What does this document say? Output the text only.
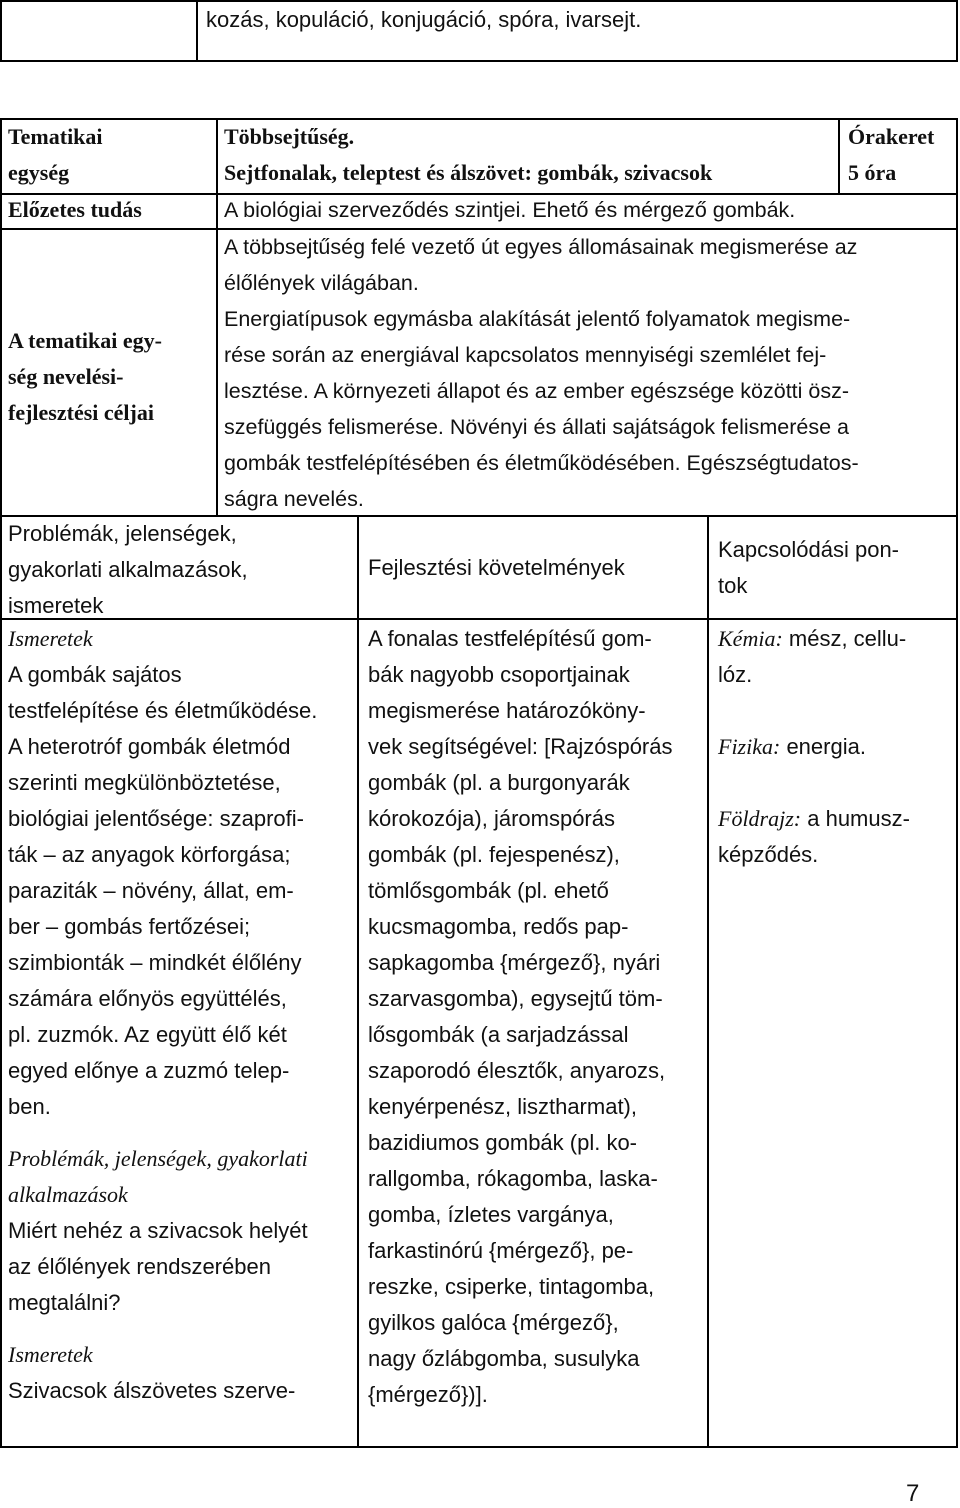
kozás, kopuláció, konjugáció, spóra, ivarsejt.
Tematikai
egység
Többsejtűség.
Sejtfonalak, teleptest és álszövet: gombák, szivacsok
Órakeret
5 óra
Előzetes tudás	A biológiai szerveződés szintjei. Ehető és mérgező gombák.
A tematikai egy-
ség nevelési-
fejlesztési céljai
A többsejtűség felé vezető út egyes állomásainak megismerése az
élőlények világában.
Energiatípusok egymásba alakítását jelentő folyamatok megisme-
rése során az energiával kapcsolatos mennyiségi szemlélet fej-
lesztése. A környezeti állapot és az ember egészsége közötti ösz-
szefüggés felismerése. Növényi és állati sajátságok felismerése a
gombák testfelépítésében és életműködésében. Egészségtudatos-
ságra nevelés.
Problémák, jelenségek,
gyakorlati alkalmazások,
ismeretek
Fejlesztési követelmények
Kapcsolódási pon-
tok
Ismeretek
A gombák sajátos
testfelépítése és életműködése.
A heterotróf gombák életmód
szerinti megkülönböztetése,
biológiai jelentősége: szaprofi-
ták – az anyagok körforgása;
paraziták – növény, állat, em-
ber – gombás fertőzései;
szimbionták – mindkét élőlény
számára előnyös együttélés,
pl. zuzmók. Az együtt élő két
egyed előnye a zuzmó telep-
ben.
Problémák, jelenségek, gyakorlati
alkalmazások
Miért nehéz a szivacsok helyét
az élőlények rendszerében
megtalálni?
Ismeretek
Szivacsok álszövetes szerve-
A fonalas testfelépítésű gom-
bák nagyobb csoportjainak
megismerése határozóköny-
vek segítségével: [Rajzóspórás
gombák (pl. a burgonyarák
kórokozója), járomspórás
gombák (pl. fejespenész),
tömlősgombák (pl. ehető
kucsmagomba, redős pap-
sapkagomba {mérgező}, nyári
szarvasgomba), egysejtű töm-
lősgombák (a sarjadzással
szaporodó élesztők, anyarozs,
kenyérpenész, lisztharmat),
bazidiumos gombák (pl. ko-
rallgomba, rókagomba, laska-
gomba, ízletes vargánya,
farkastinórú {mérgező}, pe-
reszke, csiperke, tintagomba,
gyilkos galóca {mérgező},
nagy őzlábgomba, susulyka
{mérgező})].
Kémia: mész, cellu-
lóz.
Fizika: energia.
Földrajz: a humusz-
képződés.
7
